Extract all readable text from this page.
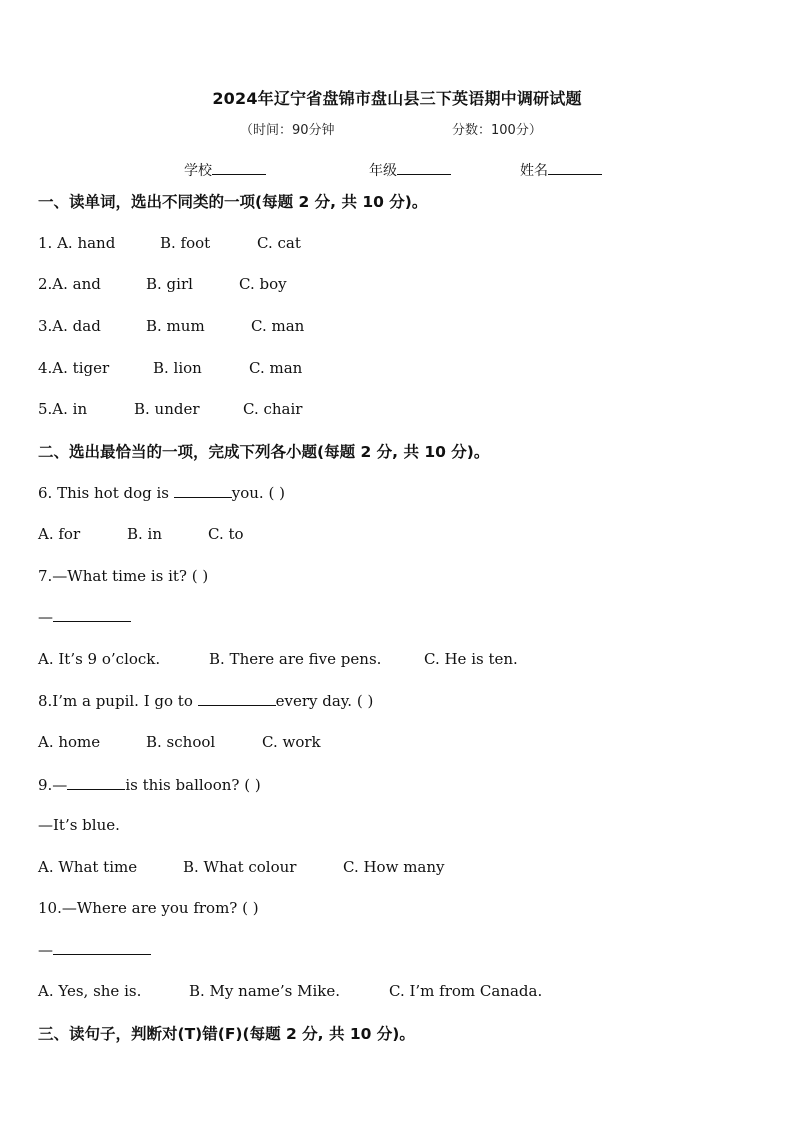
2024年辽宁省盘锦市盘山县三下英语期中调研试题
（时间：90分钟	分数：100分）
学校	年级	姓名
一、读单词，选出不同类的一项(每题 2 分, 共 10 分)。
1. A. hand	B. foot	C. cat
2.A. and	B. girl	C. boy
3.A. dad	B. mum	C. man
4.A. tiger	B. lion	C. man
5.A. in	B. under	C. chair
二、选出最恰当的一项，完成下列各小题(每题 2 分, 共 10 分)。
6. This hot dog is	you. ( )
A. for	B. in	C. to
7.—What time is it? ( )
—
A. It’s 9 o’clock.	B. There are five pens.	C. He is ten.
8.I’m a pupil. I go to	every day. ( )
A. home	B. school	C. work
9.—	is this balloon? ( )
—It’s blue.
A. What time	B. What colour	C. How many
10.—Where are you from? ( )
—
A. Yes, she is.	B. My name’s Mike.	C. I’m from Canada.
三、读句子，判断对(T)错(F)(每题 2 分, 共 10 分)。
